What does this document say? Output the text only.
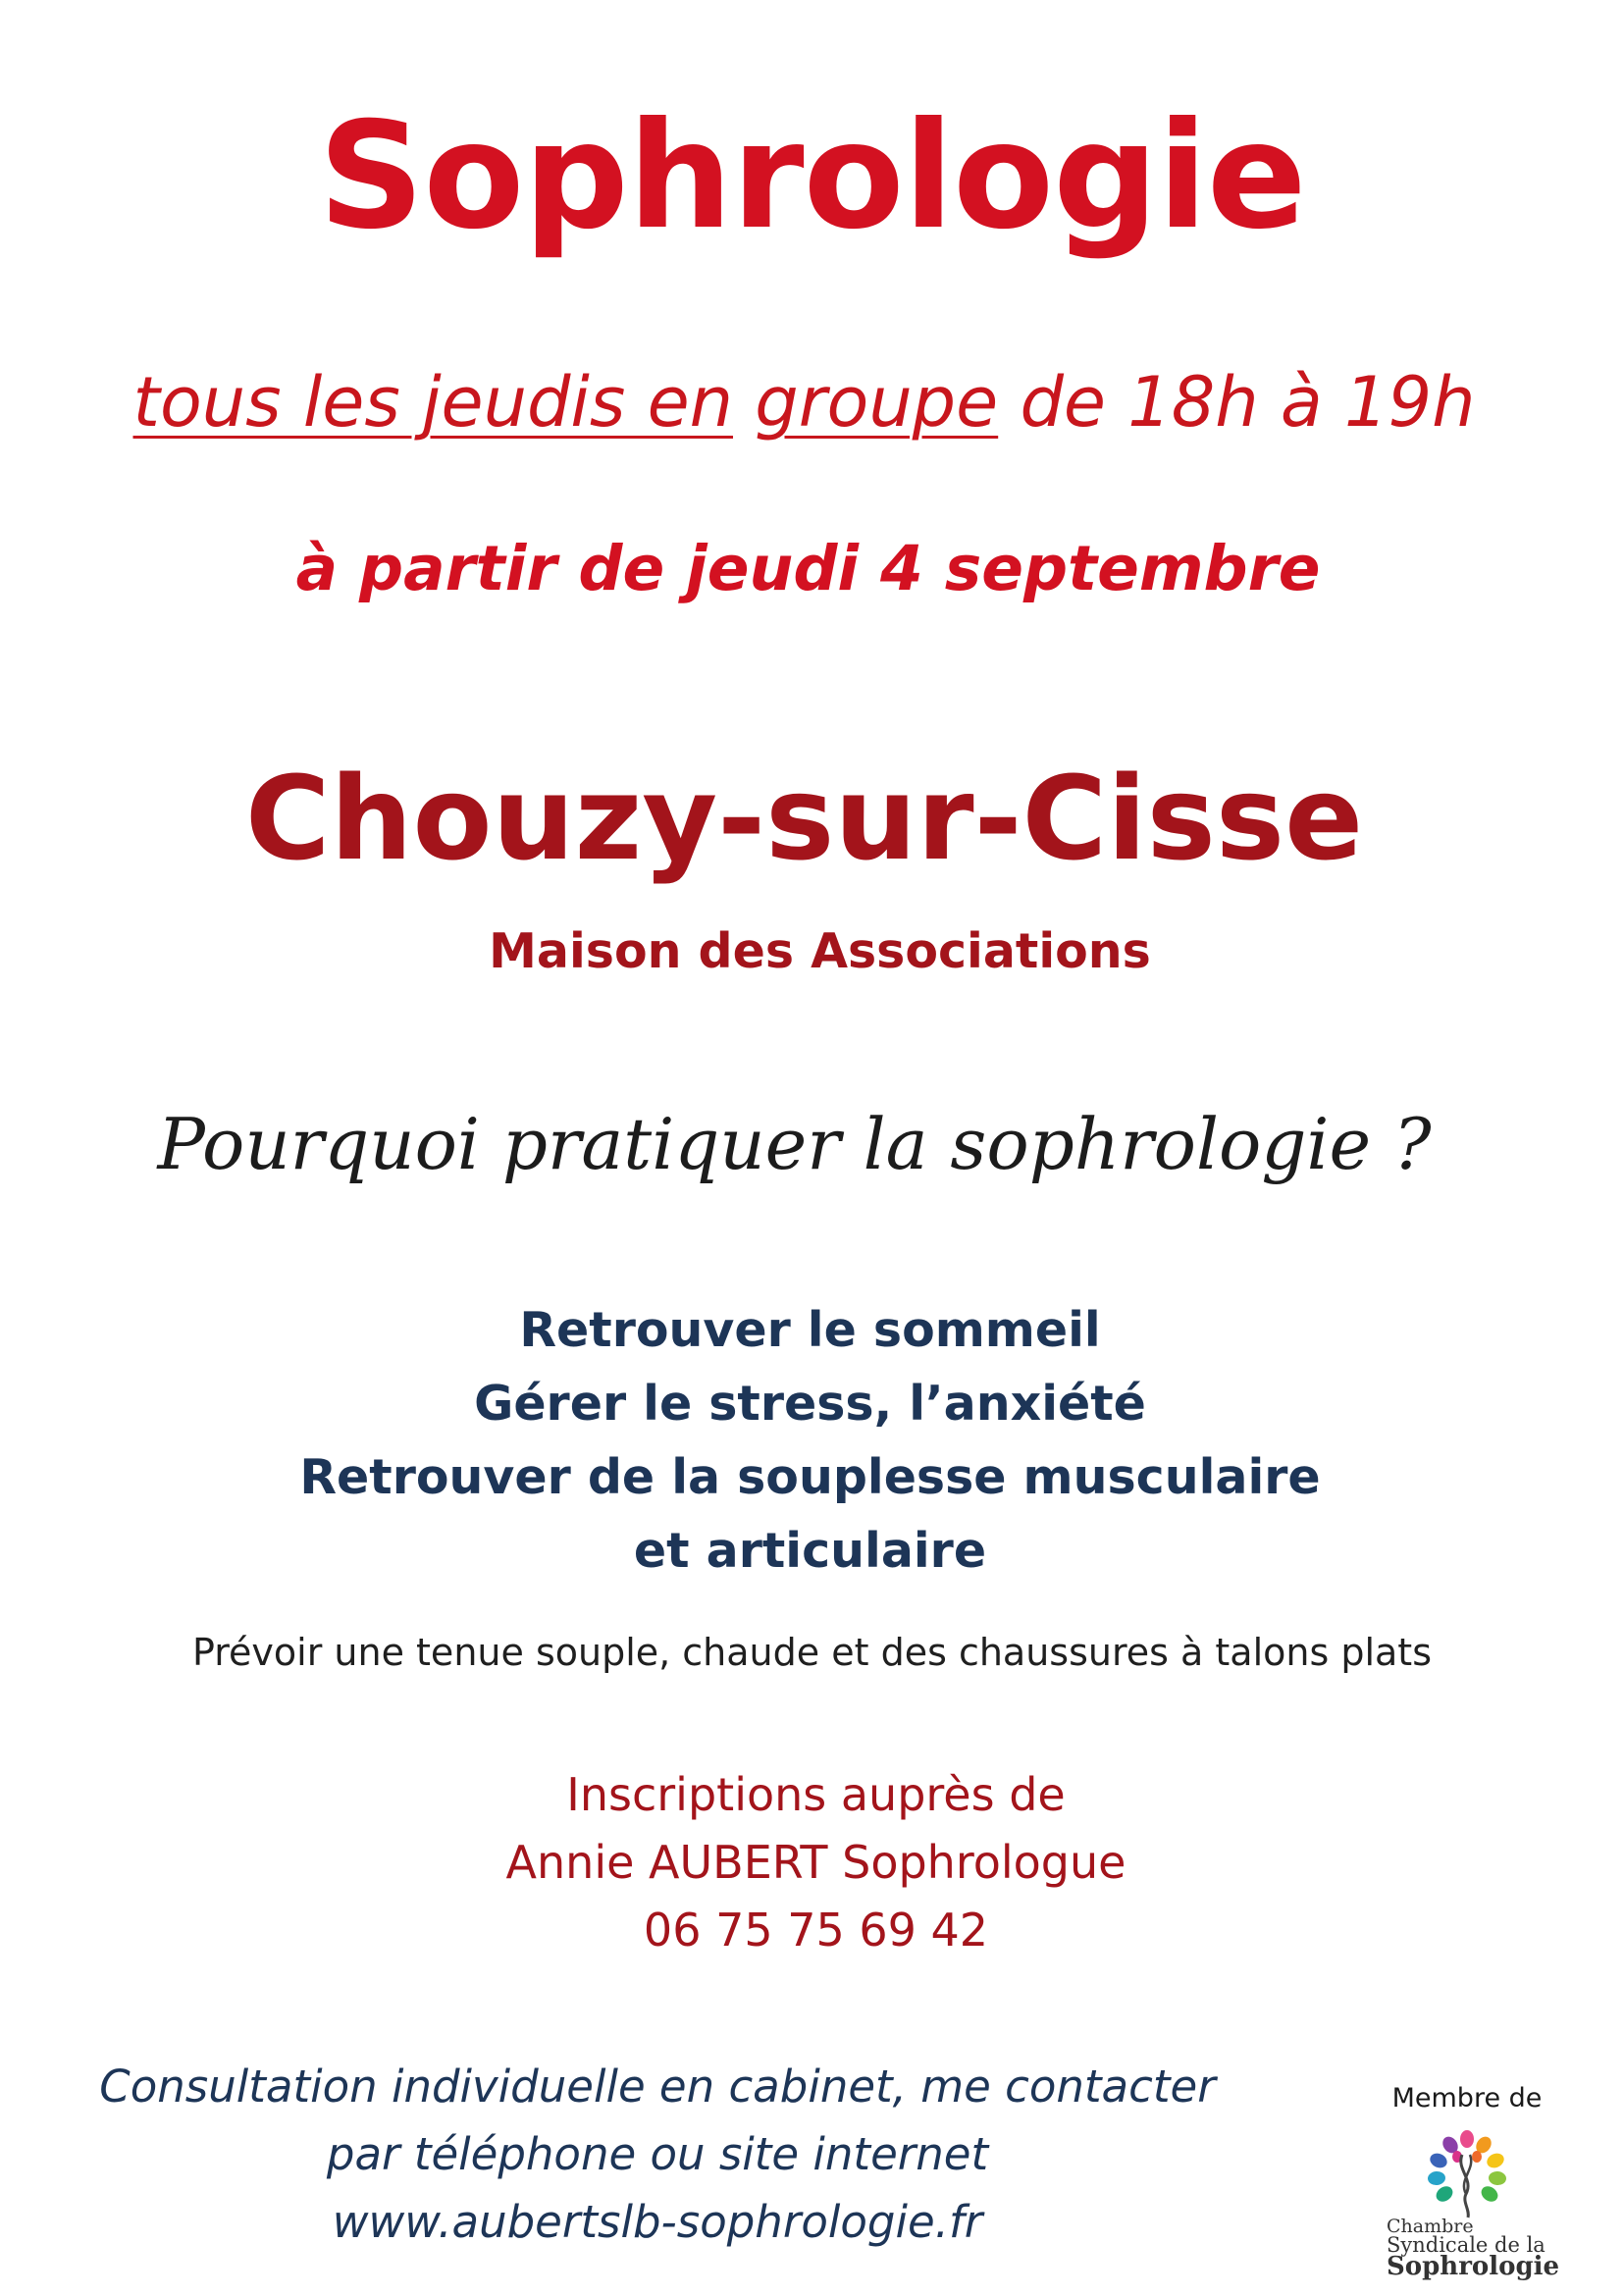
Sophrologie
tous les jeudis en groupe de 18h à 19h
à partir de jeudi 4 septembre
Chouzy-sur-Cisse
Maison des Associations
Pourquoi pratiquer la sophrologie ?
Retrouver le sommeil
Gérer le stress, l’anxiété
Retrouver de la souplesse musculaire
et articulaire
Prévoir une tenue souple, chaude et des chaussures à talons plats
Inscriptions auprès de
Annie AUBERT Sophrologue
06 75 75 69 42
Consultation individuelle en cabinet, me contacter
par téléphone ou site internet
www.aubertslb-sophrologie.fr
Membre de
Chambre
Syndicale de la
Sophrologie
